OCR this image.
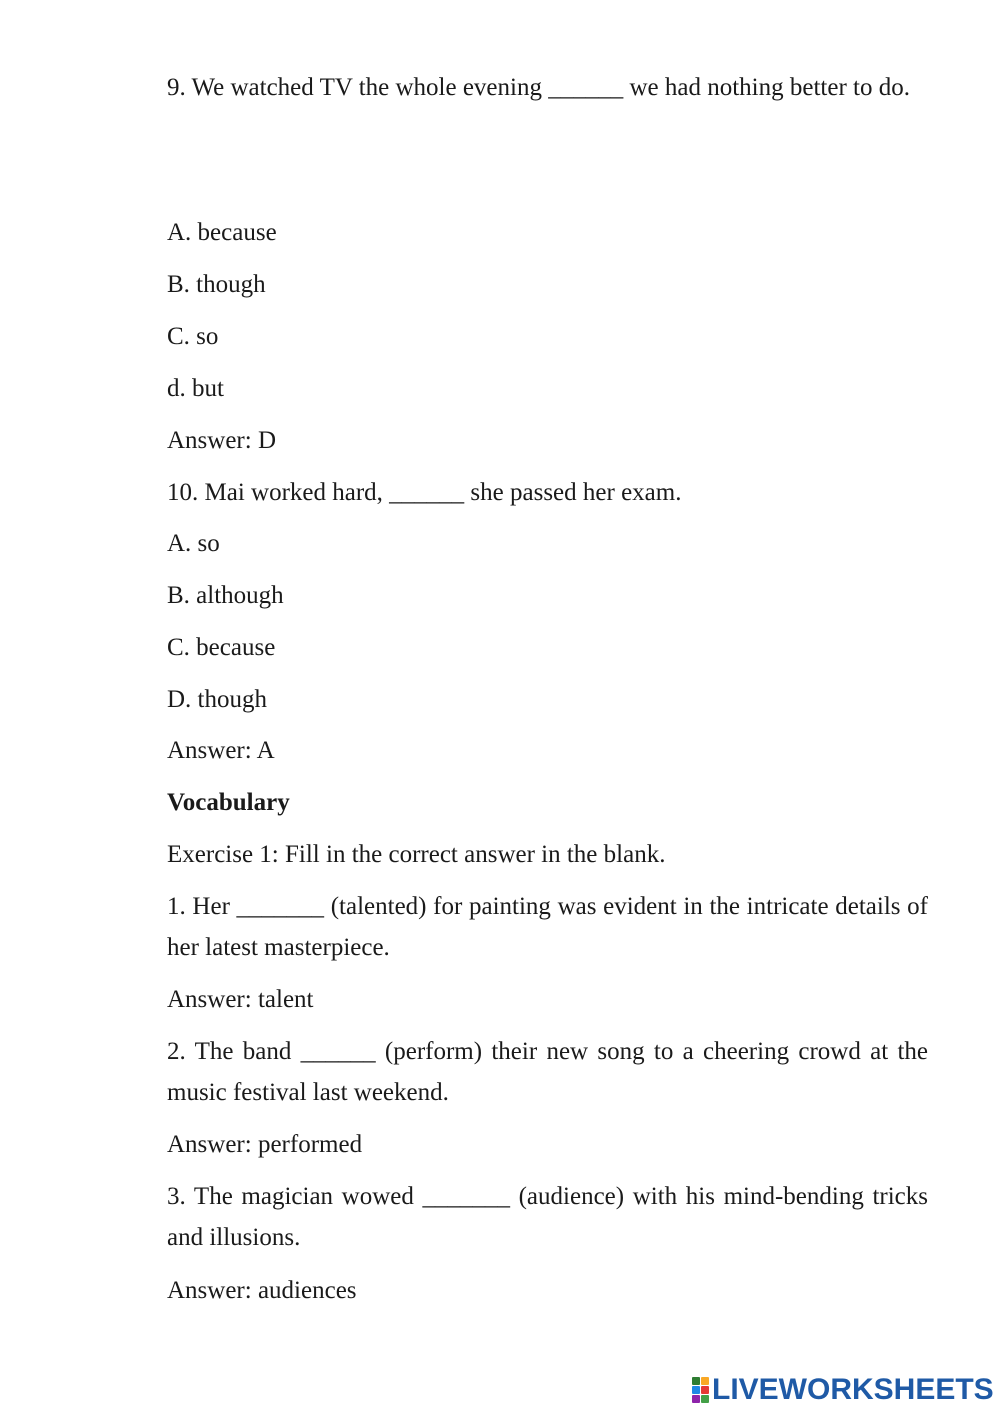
9. We watched TV the whole evening ______ we had nothing better to do.

A. because

B. though

C. so

d. but

Answer: D

10. Mai worked hard, ______ she passed her exam.

A. so

B. although

C. because

D. though

Answer: A

Vocabulary

Exercise 1: Fill in the correct answer in the blank.

1. Her _______ (talented) for painting was evident in the intricate details of her latest masterpiece.

Answer: talent

2. The band ______ (perform) their new song to a cheering crowd at the music festival last weekend.

Answer: performed

3. The magician wowed _______ (audience) with his mind-bending tricks and illusions.

Answer: audiences

LIVEWORKSHEETS
